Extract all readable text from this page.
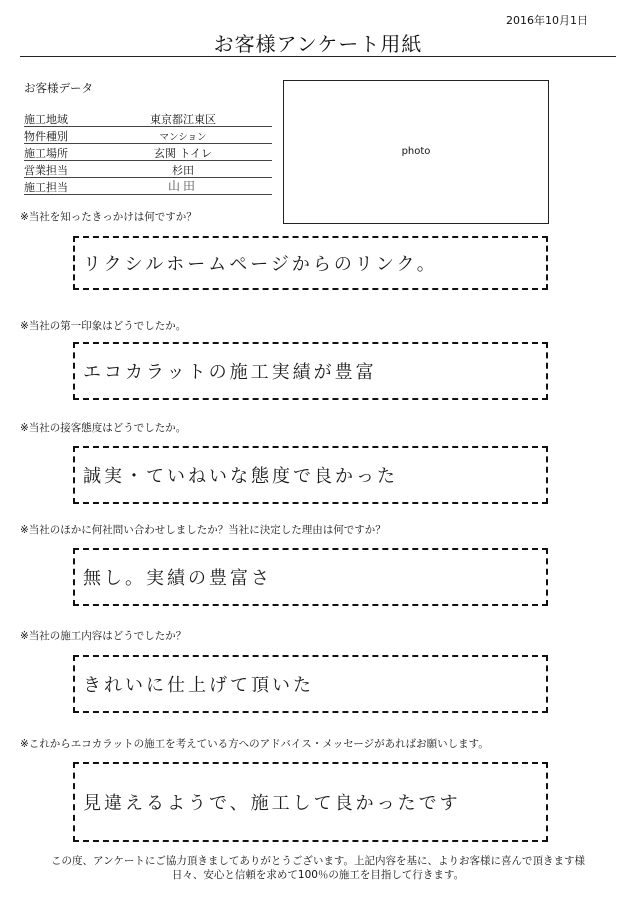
2016年10月1日
お客様アンケート用紙
お客様データ
施工地域	東京都江東区
物件種別	マンション
施工場所	玄関 トイレ
営業担当	杉田
施工担当	山田
photo
※当社を知ったきっかけは何ですか？
リクシルホームページからのリンク。
※当社の第一印象はどうでしたか。
エコカラットの施工実績が豊富
※当社の接客態度はどうでしたか。
誠実・ていねいな態度で良かった
※当社のほかに何社問い合わせしましたか？当社に決定した理由は何ですか？
無し。実績の豊富さ
※当社の施工内容はどうでしたか？
きれいに仕上げて頂いた
※これからエコカラットの施工を考えている方へのアドバイス・メッセージがあればお願いします。
見違えるようで、施工して良かったです
この度、アンケートにご協力頂きましてありがとうございます。上記内容を基に、よりお客様に喜んで頂きます様
日々、安心と信頼を求めて100％の施工を目指して行きます。
